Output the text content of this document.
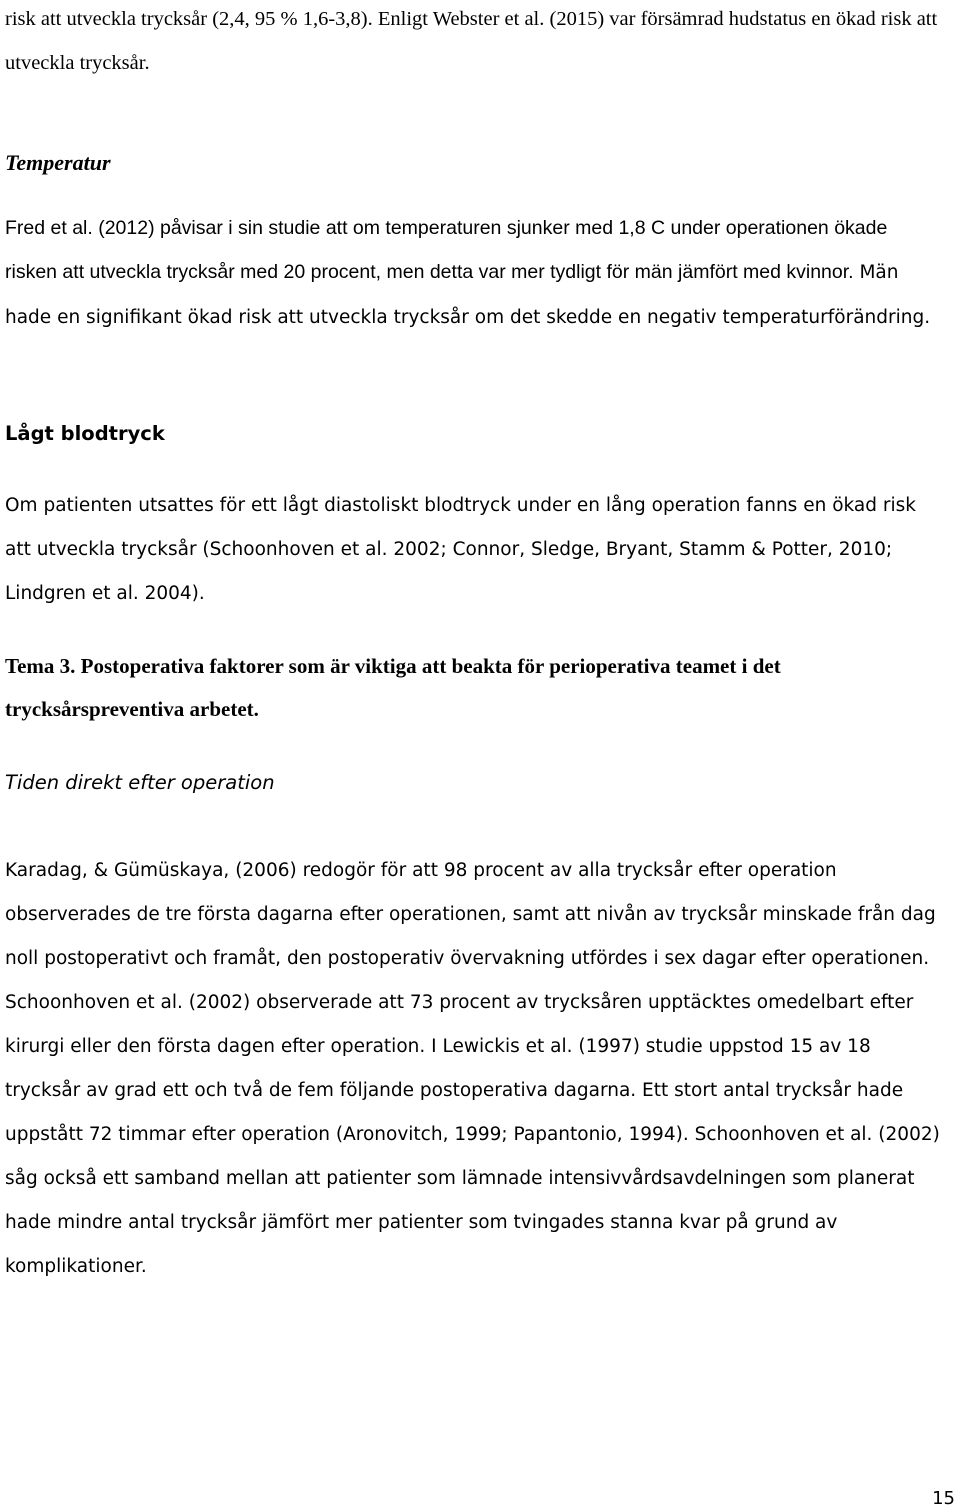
risk att utveckla trycksår (2,4, 95 % 1,6-3,8). Enligt Webster et al. (2015) var försämrad hudstatus en ökad risk att utveckla trycksår.

Temperatur

Fred et al. (2012) påvisar i sin studie att om temperaturen sjunker med 1,8 C under operationen ökade risken att utveckla trycksår med 20 procent, men detta var mer tydligt för män jämfört med kvinnor. Män hade en signifikant ökad risk att utveckla trycksår om det skedde en negativ temperaturförändring.

Lågt blodtryck

Om patienten utsattes för ett lågt diastoliskt blodtryck under en lång operation fanns en ökad risk att utveckla trycksår (Schoonhoven et al. 2002; Connor, Sledge, Bryant, Stamm & Potter, 2010; Lindgren et al. 2004).

Tema 3. Postoperativa faktorer som är viktiga att beakta för perioperativa teamet i det trycksårspreventiva arbetet.
Tiden direkt efter operation

Karadag, & Gümüskaya, (2006) redogör för att 98 procent av alla trycksår efter operation observerades de tre första dagarna efter operationen, samt att nivån av trycksår minskade från dag noll postoperativt och framåt, den postoperativ övervakning utfördes i sex dagar efter operationen. Schoonhoven et al. (2002) observerade att 73 procent av trycksåren upptäcktes omedelbart efter kirurgi eller den första dagen efter operation. I Lewickis et al. (1997) studie uppstod 15 av 18 trycksår av grad ett och två de fem följande postoperativa dagarna. Ett stort antal trycksår hade uppstått 72 timmar efter operation (Aronovitch, 1999; Papantonio, 1994). Schoonhoven et al. (2002) såg också ett samband mellan att patienter som lämnade intensivvårdsavdelningen som planerat hade mindre antal trycksår jämfört mer patienter som tvingades stanna kvar på grund av komplikationer.

15
